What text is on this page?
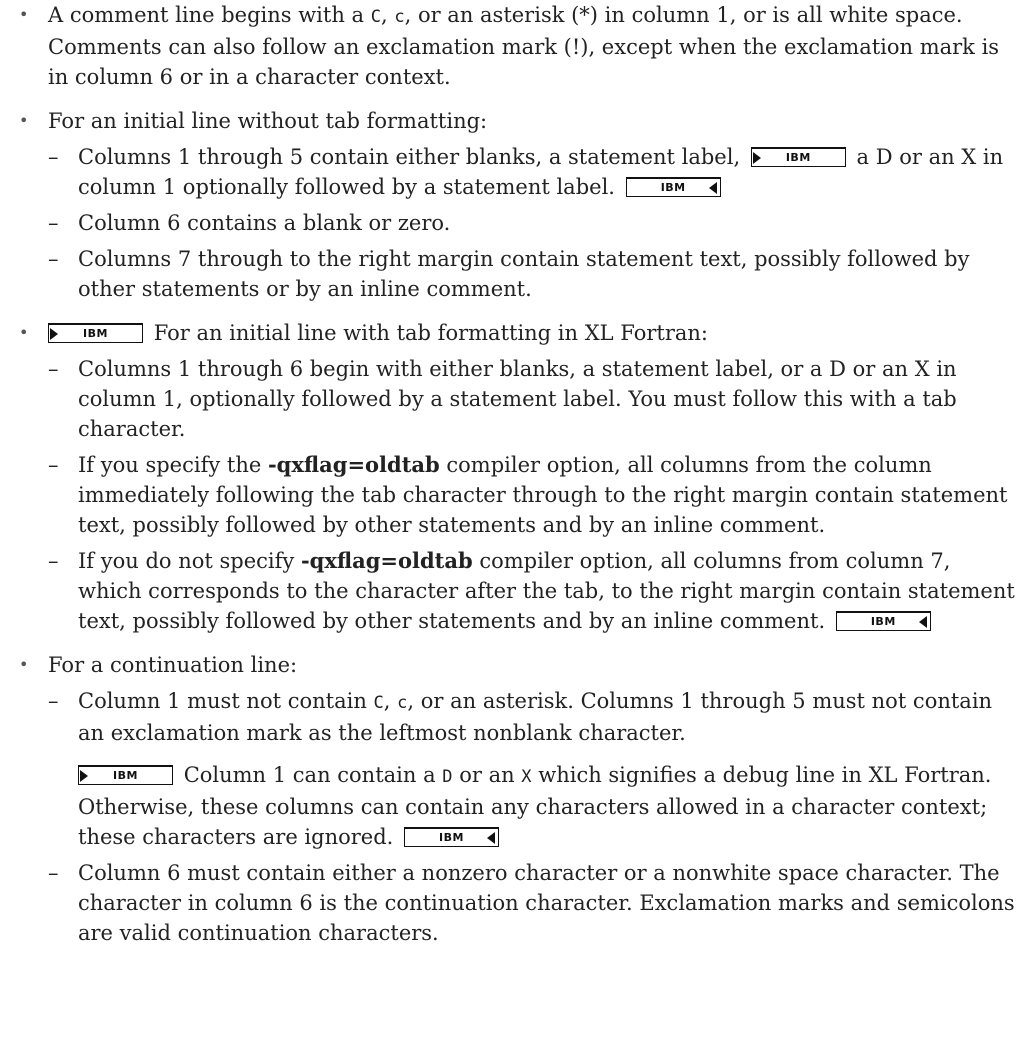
• A comment line begins with a C, c, or an asterisk (*) in column 1, or is all white space. Comments can also follow an exclamation mark (!), except when the exclamation mark is in column 6 or in a character context.
• For an initial line without tab formatting:
– Columns 1 through 5 contain either blanks, a statement label,	IBM	a D or an X in column 1 optionally followed by a statement label.	IBM
– Column 6 contains a blank or zero.
– Columns 7 through to the right margin contain statement text, possibly followed by other statements or by an inline comment.
• IBM	For an initial line with tab formatting in XL Fortran:
– Columns 1 through 6 begin with either blanks, a statement label, or a D or an X in column 1, optionally followed by a statement label. You must follow this with a tab character.
– If you specify the -qxflag=oldtab compiler option, all columns from the column immediately following the tab character through to the right margin contain statement text, possibly followed by other statements and by an inline comment.
– If you do not specify -qxflag=oldtab compiler option, all columns from column 7, which corresponds to the character after the tab, to the right margin contain statement text, possibly followed by other statements and by an inline comment.	IBM
• For a continuation line:
– Column 1 must not contain C, c, or an asterisk. Columns 1 through 5 must not contain an exclamation mark as the leftmost nonblank character.
IBM	Column 1 can contain a D or an X which signifies a debug line in XL Fortran. Otherwise, these columns can contain any characters allowed in a character context; these characters are ignored.	IBM
– Column 6 must contain either a nonzero character or a nonwhite space character. The character in column 6 is the continuation character. Exclamation marks and semicolons are valid continuation characters.
